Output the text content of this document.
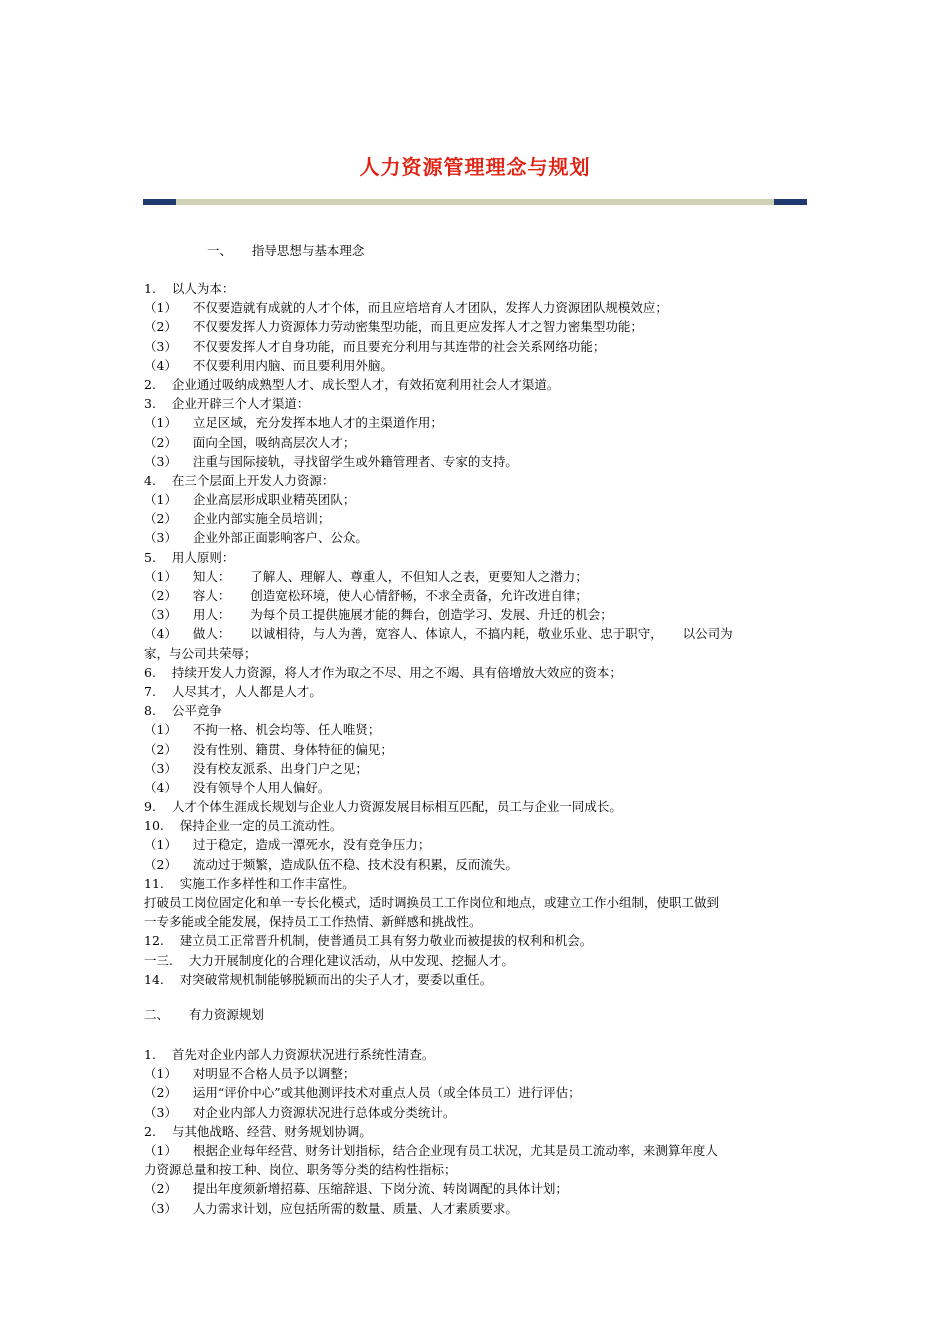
人力资源管理理念与规划
一、     指导思想与基本理念
1.    以人为本：
（1）    不仅要造就有成就的人才个体，而且应培培育人才团队，发挥人力资源团队规模效应；
（2）    不仅要发挥人力资源体力劳动密集型功能，而且更应发挥人才之智力密集型功能；
（3）    不仅要发挥人才自身功能，而且要充分利用与其连带的社会关系网络功能；
（4）    不仅要利用内脑、而且要利用外脑。
2.    企业通过吸纳成熟型人才、成长型人才，有效拓宽利用社会人才渠道。
3.    企业开辟三个人才渠道：
（1）    立足区域，充分发挥本地人才的主渠道作用；
（2）    面向全国，吸纳高层次人才；
（3）    注重与国际接轨，寻找留学生或外籍管理者、专家的支持。
4.    在三个层面上开发人力资源：
（1）    企业高层形成职业精英团队；
（2）    企业内部实施全员培训；
（3）    企业外部正面影响客户、公众。
5.    用人原则：
（1）    知人：     了解人、理解人、尊重人，不但知人之表，更要知人之潜力；
（2）    容人：     创造宽松环境，使人心情舒畅，不求全责备，允许改进自律；
（3）    用人：     为每个员工提供施展才能的舞台，创造学习、发展、升迁的机会；
（4）    做人：     以诚相待，与人为善，宽容人、体谅人，不搞内耗，敬业乐业、忠于职守，     以公司为
家，与公司共荣辱；
6.    持续开发人力资源，将人才作为取之不尽、用之不竭、具有倍增放大效应的资本；
7.    人尽其才，人人都是人才。
8.    公平竞争
（1）    不拘一格、机会均等、任人唯贤；
（2）    没有性别、籍贯、身体特征的偏见；
（3）    没有校友派系、出身门户之见；
（4）    没有领导个人用人偏好。
9.    人才个体生涯成长规划与企业人力资源发展目标相互匹配，员工与企业一同成长。
10.    保持企业一定的员工流动性。
（1）    过于稳定，造成一潭死水，没有竞争压力；
（2）    流动过于频繁，造成队伍不稳、技术没有积累，反而流失。
11.    实施工作多样性和工作丰富性。
打破员工岗位固定化和单一专长化模式，适时调换员工工作岗位和地点，或建立工作小组制，使职工做到
一专多能或全能发展，保持员工工作热情、新鲜感和挑战性。
12.    建立员工正常晋升机制，使普通员工具有努力敬业而被提拔的权利和机会。
一三.    大力开展制度化的合理化建议活动，从中发现、挖掘人才。
14.    对突破常规机制能够脱颖而出的尖子人才，要委以重任。
二、     有力资源规划
1.    首先对企业内部人力资源状况进行系统性清查。
（1）    对明显不合格人员予以调整；
（2）    运用“评价中心”或其他测评技术对重点人员（或全体员工）进行评估；
（3）    对企业内部人力资源状况进行总体或分类统计。
2.    与其他战略、经营、财务规划协调。
（1）    根据企业每年经营、财务计划指标，结合企业现有员工状况，尤其是员工流动率，来测算年度人
力资源总量和按工种、岗位、职务等分类的结构性指标；
（2）    提出年度须新增招募、压缩辞退、下岗分流、转岗调配的具体计划；
（3）    人力需求计划，应包括所需的数量、质量、人才素质要求。
